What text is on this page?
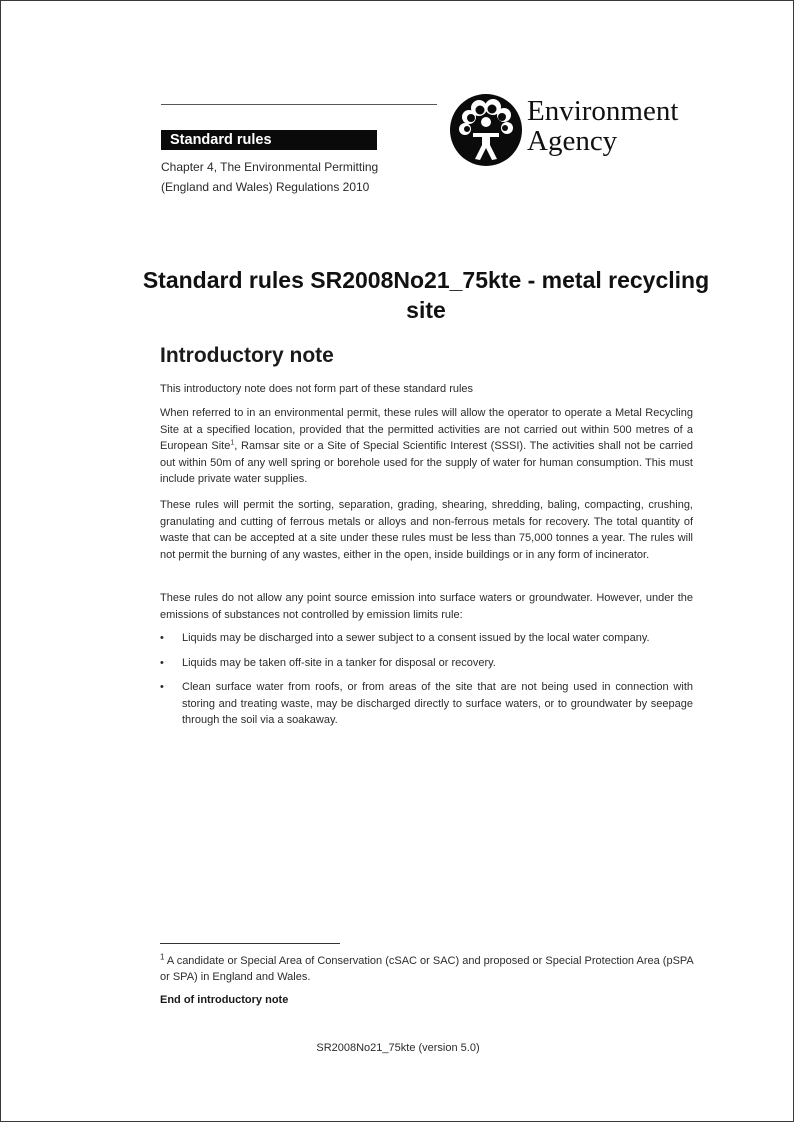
Standard rules
Chapter 4, The Environmental Permitting
(England and Wales) Regulations 2010
Environment
Agency
Standard rules SR2008No21_75kte - metal recycling site
Introductory note
This introductory note does not form part of these standard rules
When referred to in an environmental permit, these rules will allow the operator to operate a Metal Recycling Site at a specified location, provided that the permitted activities are not carried out within 500 metres of a European Site$^1$, Ramsar site or a Site of Special Scientific Interest (SSSI). The activities shall not be carried out within 50m of any well spring or borehole used for the supply of water for human consumption. This must include private water supplies.
These rules will permit the sorting, separation, grading, shearing, shredding, baling, compacting, crushing, granulating and cutting of ferrous metals or alloys and non-ferrous metals for recovery. The total quantity of waste that can be accepted at a site under these rules must be less than 75,000 tonnes a year. The rules will not permit the burning of any wastes, either in the open, inside buildings or in any form of incinerator.
These rules do not allow any point source emission into surface waters or groundwater. However, under the emissions of substances not controlled by emission limits rule:
•	Liquids may be discharged into a sewer subject to a consent issued by the local water company.
•	Liquids may be taken off-site in a tanker for disposal or recovery.
•	Clean surface water from roofs, or from areas of the site that are not being used in connection with storing and treating waste, may be discharged directly to surface waters, or to groundwater by seepage through the soil via a soakaway.
$^1$ A candidate or Special Area of Conservation (cSAC or SAC) and proposed or Special Protection Area (pSPA or SPA) in England and Wales.
End of introductory note
SR2008No21_75kte (version 5.0)
